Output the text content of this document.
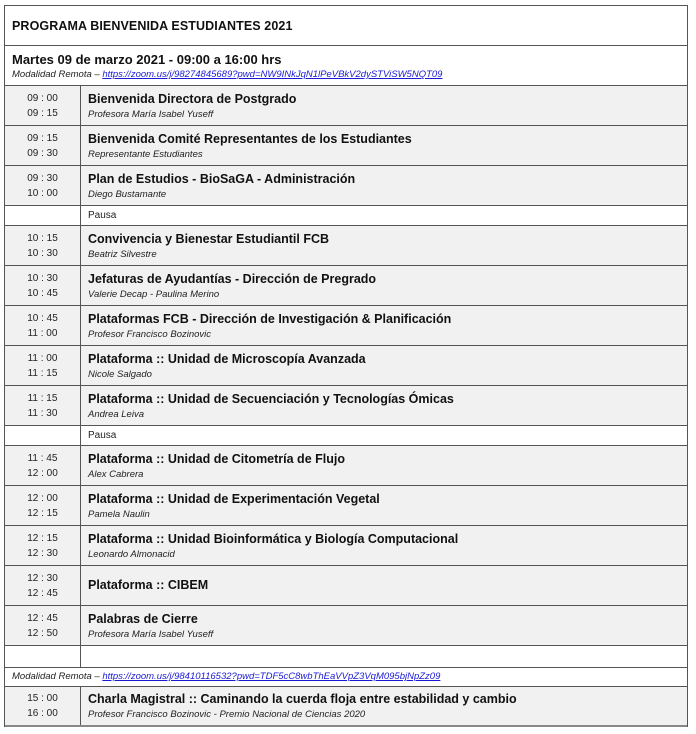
PROGRAMA BIENVENIDA ESTUDIANTES 2021
Martes 09 de marzo 2021 - 09:00 a 16:00 hrs
Modalidad Remota – https://zoom.us/j/98274845689?pwd=NW9INkJqN1lPeVBkV2dySTViSW5NQT09
09 : 00
09 : 15
Bienvenida Directora de Postgrado
Profesora María Isabel Yuseff
09 : 15
09 : 30
Bienvenida Comité Representantes de los Estudiantes
Representante Estudiantes
09 : 30
10 : 00
Plan de Estudios - BioSaGA - Administración
Diego Bustamante
Pausa
10 : 15
10 : 30
Convivencia y Bienestar Estudiantil FCB
Beatriz Silvestre
10 : 30
10 : 45
Jefaturas de Ayudantías - Dirección de Pregrado
Valerie Decap - Paulina Merino
10 : 45
11 : 00
Plataformas FCB - Dirección de Investigación & Planificación
Profesor Francisco Bozinovic
11 : 00
11 : 15
Plataforma :: Unidad de Microscopía Avanzada
Nicole Salgado
11 : 15
11 : 30
Plataforma :: Unidad de Secuenciación y Tecnologías Ómicas
Andrea Leiva
Pausa
11 : 45
12 : 00
Plataforma :: Unidad de Citometría de Flujo
Alex Cabrera
12 : 00
12 : 15
Plataforma :: Unidad de Experimentación Vegetal
Pamela Naulin
12 : 15
12 : 30
Plataforma :: Unidad Bioinformática y Biología Computacional
Leonardo Almonacid
12 : 30
12 : 45
Plataforma :: CIBEM
12 : 45
12 : 50
Palabras de Cierre
Profesora María Isabel Yuseff
Modalidad Remota – https://zoom.us/j/98410116532?pwd=TDF5cC8wbThEaVVpZ3VqM095bjNpZz09
15 : 00
16 : 00
Charla Magistral :: Caminando la cuerda floja entre estabilidad y cambio
Profesor Francisco Bozinovic - Premio Nacional de Ciencias 2020
